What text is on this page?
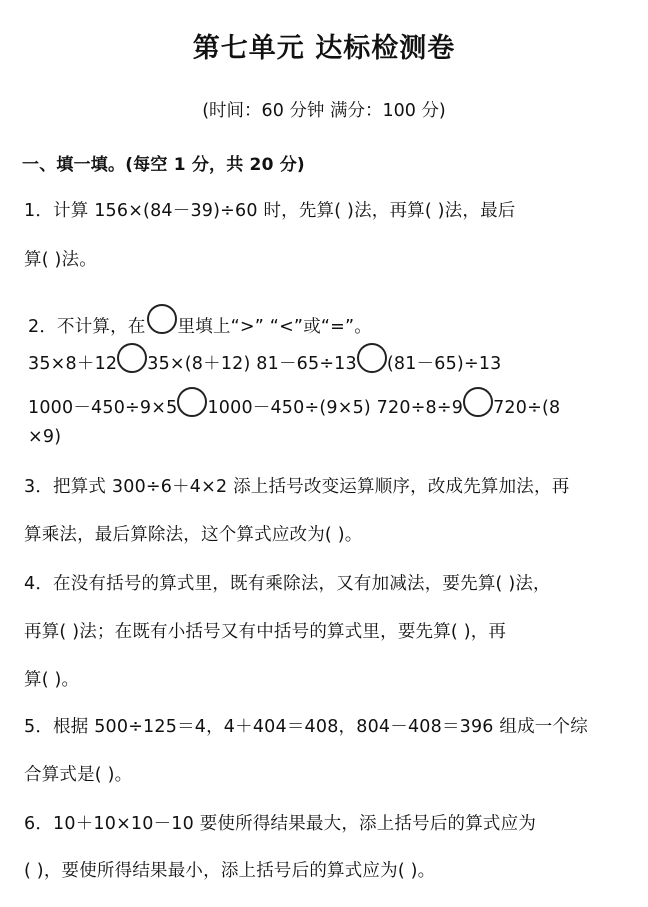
第七单元 达标检测卷
(时间：60 分钟 满分：100 分)
一、填一填。(每空 1 分，共 20 分)
1．计算 156×(84－39)÷60 时，先算( )法，再算( )法，最后
算( )法。
2．不计算，在 里填上“>” “<”或“=”。
35×8＋12 35×(8＋12) 81－65÷13 (81－65)÷13
1000－450÷9×5 1000－450÷(9×5) 720÷8÷9 720÷(8
×9)
3．把算式 300÷6＋4×2 添上括号改变运算顺序，改成先算加法，再
算乘法，最后算除法，这个算式应改为( )。
4．在没有括号的算式里，既有乘除法，又有加减法，要先算( )法，
再算( )法；在既有小括号又有中括号的算式里，要先算( )，再
算( )。
5．根据 500÷125＝4，4＋404＝408，804－408＝396 组成一个综
合算式是( )。
6．10＋10×10－10 要使所得结果最大，添上括号后的算式应为
( )，要使所得结果最小，添上括号后的算式应为( )。
